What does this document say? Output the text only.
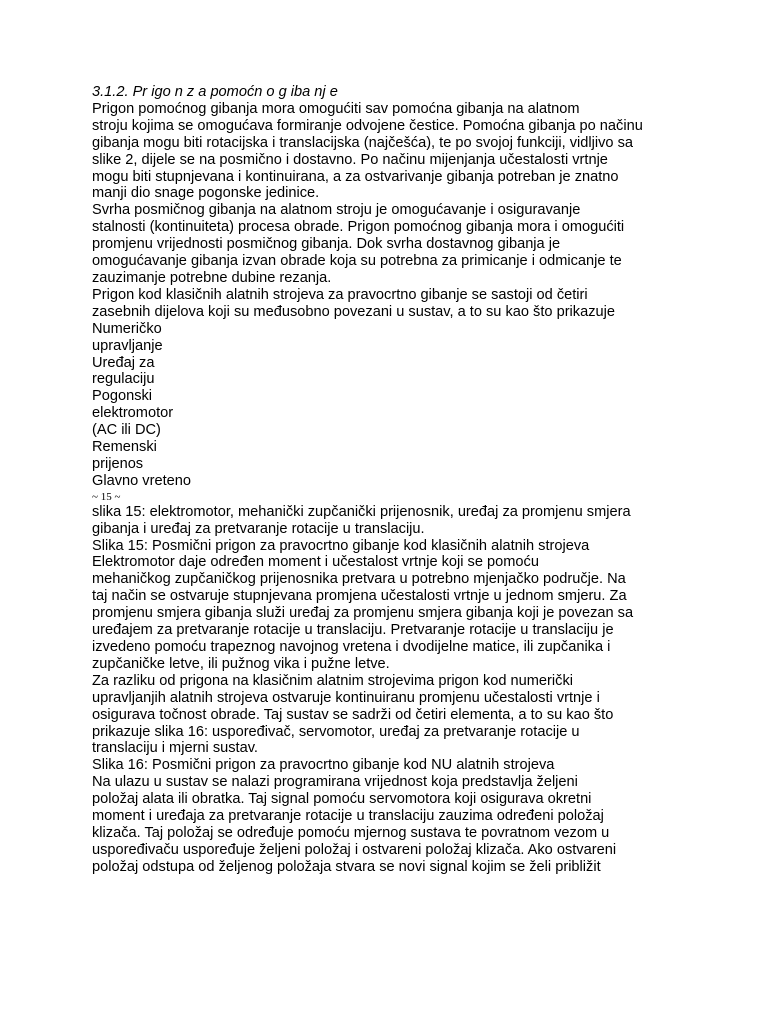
3.1.2. Pr igo n z a pomoćn o g iba nj e
Prigon pomoćnog gibanja mora omogućiti sav pomoćna gibanja na alatnom
stroju kojima se omogućava formiranje odvojene čestice. Pomoćna gibanja po načinu
gibanja mogu biti rotacijska i translacijska (najčešća), te po svojoj funkciji, vidljivo sa
slike 2, dijele se na posmično i dostavno. Po načinu mijenjanja učestalosti vrtnje
mogu biti stupnjevana i kontinuirana, a za ostvarivanje gibanja potreban je znatno
manji dio snage pogonske jedinice.
Svrha posmičnog gibanja na alatnom stroju je omogućavanje i osiguravanje
stalnosti (kontinuiteta) procesa obrade. Prigon pomoćnog gibanja mora i omogućiti
promjenu vrijednosti posmičnog gibanja. Dok svrha dostavnog gibanja je
omogućavanje gibanja izvan obrade koja su potrebna za primicanje i odmicanje te
zauzimanje potrebne dubine rezanja.
Prigon kod klasičnih alatnih strojeva za pravocrtno gibanje se sastoji od četiri
zasebnih dijelova koji su međusobno povezani u sustav, a to su kao što prikazuje
Numeričko
upravljanje
Uređaj za
regulaciju
Pogonski
elektromotor
(AC ili DC)
Remenski
prijenos
Glavno vreteno
~ 15 ~
slika 15: elektromotor, mehanički zupčanički prijenosnik, uređaj za promjenu smjera
gibanja i uređaj za pretvaranje rotacije u translaciju.
Slika 15: Posmični prigon za pravocrtno gibanje kod klasičnih alatnih strojeva
Elektromotor daje određen moment i učestalost vrtnje koji se pomoću
mehaničkog zupčaničkog prijenosnika pretvara u potrebno mjenjačko područje. Na
taj način se ostvaruje stupnjevana promjena učestalosti vrtnje u jednom smjeru. Za
promjenu smjera gibanja služi uređaj za promjenu smjera gibanja koji je povezan sa
uređajem za pretvaranje rotacije u translaciju. Pretvaranje rotacije u translaciju je
izvedeno pomoću trapeznog navojnog vretena i dvodijelne matice, ili zupčanika i
zupčaničke letve, ili pužnog vika i pužne letve.
Za razliku od prigona na klasičnim alatnim strojevima prigon kod numerički
upravljanjih alatnih strojeva ostvaruje kontinuiranu promjenu učestalosti vrtnje i
osigurava točnost obrade. Taj sustav se sadrži od četiri elementa, a to su kao što
prikazuje slika 16: uspoređivač, servomotor, uređaj za pretvaranje rotacije u
translaciju i mjerni sustav.
Slika 16: Posmični prigon za pravocrtno gibanje kod NU alatnih strojeva
Na ulazu u sustav se nalazi programirana vrijednost koja predstavlja željeni
položaj alata ili obratka. Taj signal pomoću servomotora koji osigurava okretni
moment i uređaja za pretvaranje rotacije u translaciju zauzima određeni položaj
klizača. Taj položaj se određuje pomoću mjernog sustava te povratnom vezom u
uspoređivaču uspoređuje željeni položaj i ostvareni položaj klizača. Ako ostvareni
položaj odstupa od željenog položaja stvara se novi signal kojim se želi približit
